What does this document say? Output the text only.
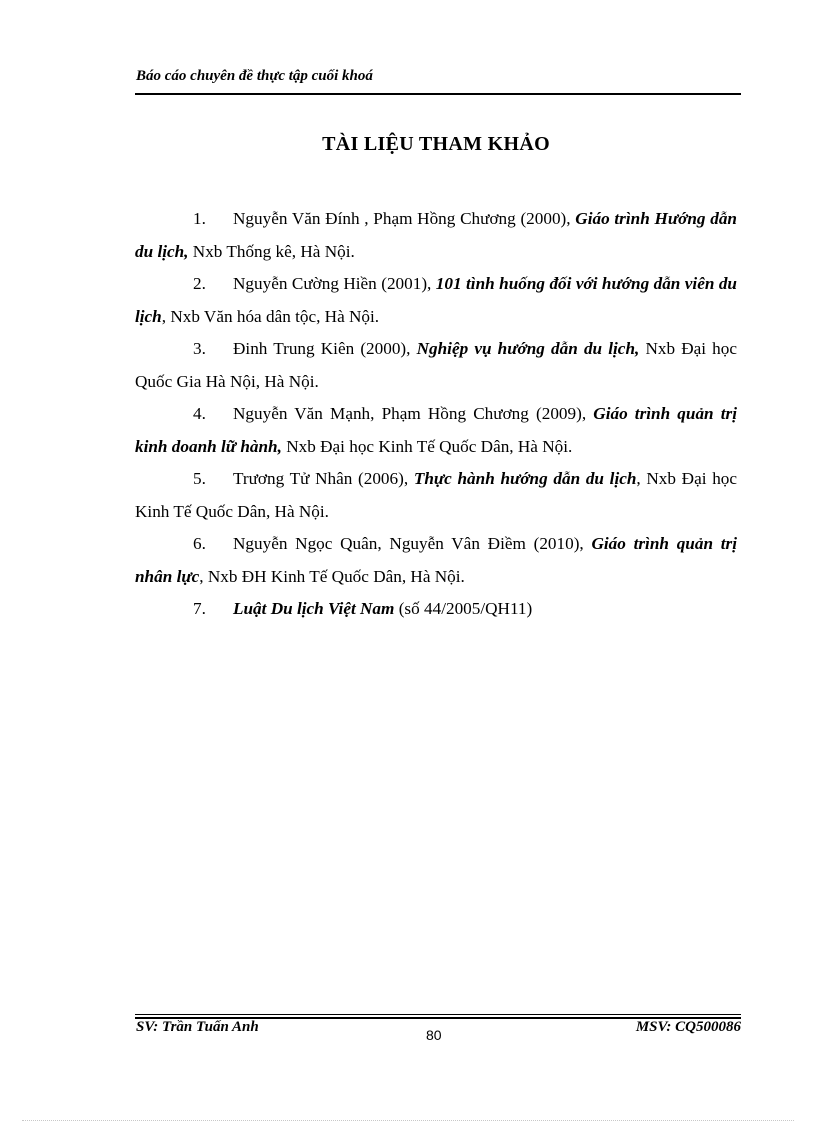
Báo cáo chuyên đề thực tập cuối khoá
TÀI LIỆU THAM KHẢO

1. Nguyễn Văn Đính , Phạm Hồng Chương (2000), Giáo trình Hướng dẫn du lịch, Nxb Thống kê, Hà Nội.

2. Nguyễn Cường Hiền (2001), 101 tình huống đối với hướng dẫn viên du lịch, Nxb Văn hóa dân tộc, Hà Nội.

3. Đinh Trung Kiên (2000), Nghiệp vụ hướng dẫn du lịch, Nxb Đại học Quốc Gia Hà Nội, Hà Nội.

4. Nguyễn Văn Mạnh, Phạm Hồng Chương (2009), Giáo trình quản trị kinh doanh lữ hành, Nxb Đại học Kinh Tế Quốc Dân, Hà Nội.

5. Trương Tử Nhân (2006), Thực hành hướng dẫn du lịch, Nxb Đại học Kinh Tế Quốc Dân, Hà Nội.

6. Nguyễn Ngọc Quân, Nguyễn Vân Điềm (2010), Giáo trình quản trị nhân lực, Nxb ĐH Kinh Tế Quốc Dân, Hà Nội.

7. Luật Du lịch Việt Nam (số 44/2005/QH11)

SV: Trần Tuấn Anh	80	MSV: CQ500086
